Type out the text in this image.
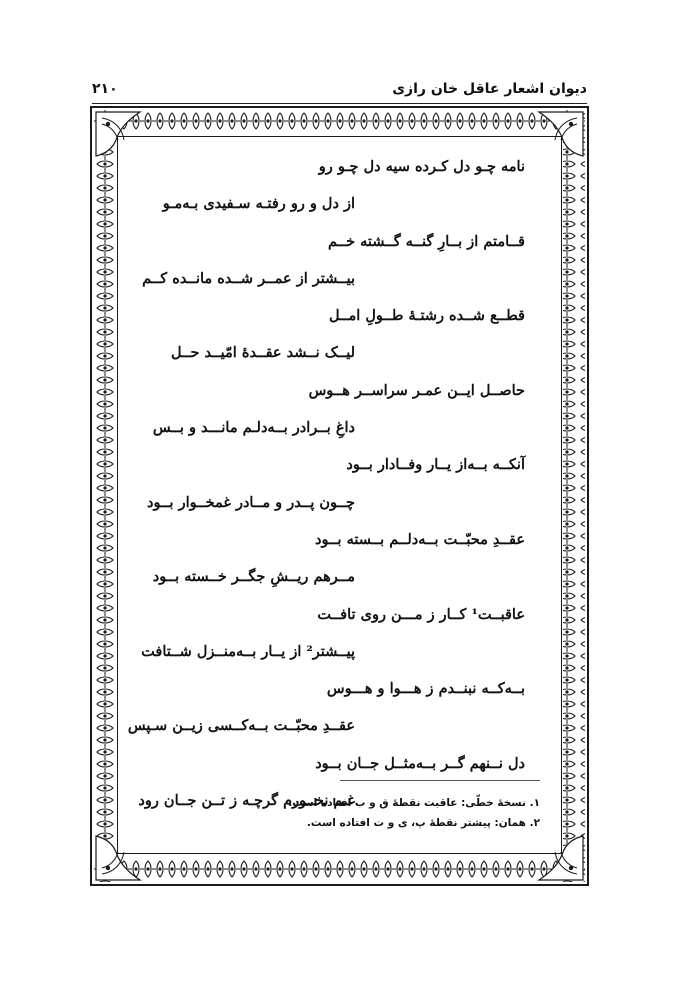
دیوان اشعار عاقل خان رازی
۲۱۰
نامه چـو دل کـرده سیه دل چـو رو
از دل و رو رفتـه سـفیدی بـه‌مـو
قــامتم از بــارِ گنــه گــشته خــم
بیــشتر از عمــر شــده مانــده کــم
قطــع شــده رشتـهٔ طــولِ امــل
لیــک نــشد عقــدهٔ امّیــد حــل
حاصــل ایــن عمـر سراســر هــوس
داغِ بــرادر بــه‌دلـم مانـــد و بــس
آنکــه بــه‌از یــار وفــادار بــود
چــون پــدر و مــادر غمخــوار بــود
عقــدِ محبّــت بــه‌دلــم بــسته بــود
مــرهم ریــشِ جگــر خــسته بــود
عاقبــت¹ کــار ز مـــن روی تافــت
پیــشتر² از یــار بــه‌منــزل شــتافت
بــه‌کــه نبنــدم ز هـــوا و هـــوس
عقــدِ محبّــت بــه‌کــسی زیــن سـپس
دل نــنهم گــر بــه‌مثــل جــان بــود
غـم نخــورم گرچـه ز تــن جــان رود
۱. نسخهٔ خطّی: عاقبت نقطهٔ ق و ب افتاده است.
۲. همان: پیشتر نقطهٔ پ، ی و ت افتاده است.
